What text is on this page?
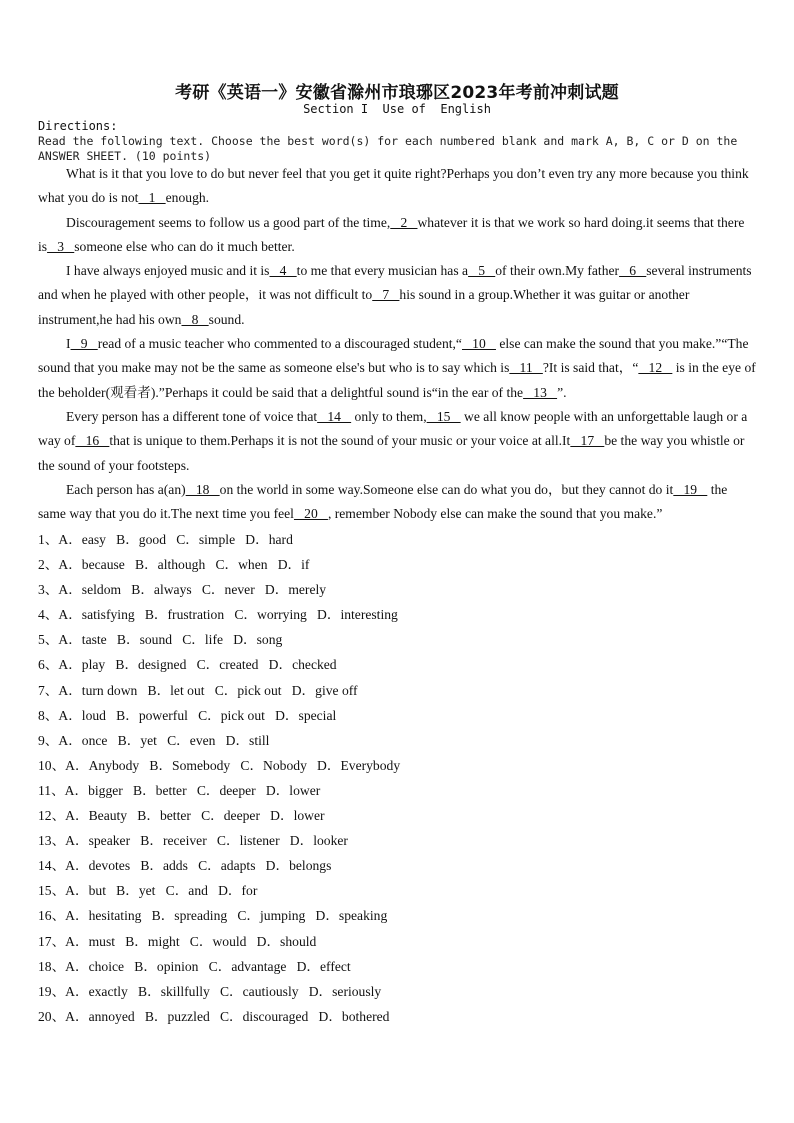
考研《英语一》安徽省滁州市琅琊区2023年考前冲刺试题
Section I  Use of  English
Directions:
Read the following text. Choose the best word(s) for each numbered blank and mark A, B, C or D on the ANSWER SHEET. (10 points)

What is it that you love to do but never feel that you get it quite right?Perhaps you don’t even try any more because you think what you do is not   1   enough.

Discouragement seems to follow us a good part of the time,   2   whatever it is that we work so hard doing.it seems that there is   3   someone else who can do it much better.

I have always enjoyed music and it is   4   to me that every musician has a   5   of their own.My father   6   several instruments and when he played with other people，it was not difficult to   7   his sound in a group.Whether it was guitar or another instrument,he had his own   8   sound.

I   9   read of a music teacher who commented to a discouraged student,“   10    else can make the sound that you make.”“The sound that you make may not be the same as someone else's but who is to say which is   11   ?It is said that，“   12    is in the eye of the beholder(观看者).”Perhaps it could be said that a delightful sound is“in the ear of the   13   ”.

Every person has a different tone of voice that   14    only to them,   15    we all know people with an unforgettable laugh or a way of   16   that is unique to them.Perhaps it is not the sound of your music or your voice at all.It   17   be the way you whistle or the sound of your footsteps.

Each person has a(an)   18   on the world in some way.Someone else can do what you do，but they cannot do it   19    the same way that you do it.The next time you feel   20   , remember Nobody else can make the sound that you make.”

1、A．easy   B．good   C．simple   D．hard
2、A．because   B．although   C．when   D．if
3、A．seldom   B．always   C．never   D．merely
4、A．satisfying   B．frustration   C．worrying   D．interesting
5、A．taste   B．sound   C．life   D．song
6、A．play   B．designed   C．created   D．checked
7、A．turn down   B．let out   C．pick out   D．give off
8、A．loud   B．powerful   C．pick out   D．special
9、A．once   B．yet   C．even   D．still
10、A．Anybody   B．Somebody   C．Nobody   D．Everybody
11、A．bigger   B．better   C．deeper   D．lower
12、A．Beauty   B．better   C．deeper   D．lower
13、A．speaker   B．receiver   C．listener   D．looker
14、A．devotes   B．adds   C．adapts   D．belongs
15、A．but   B．yet   C．and   D．for
16、A．hesitating   B．spreading   C．jumping   D．speaking
17、A．must   B．might   C．would   D．should
18、A．choice   B．opinion   C．advantage   D．effect
19、A．exactly   B．skillfully   C．cautiously   D．seriously
20、A．annoyed   B．puzzled   C．discouraged   D．bothered
